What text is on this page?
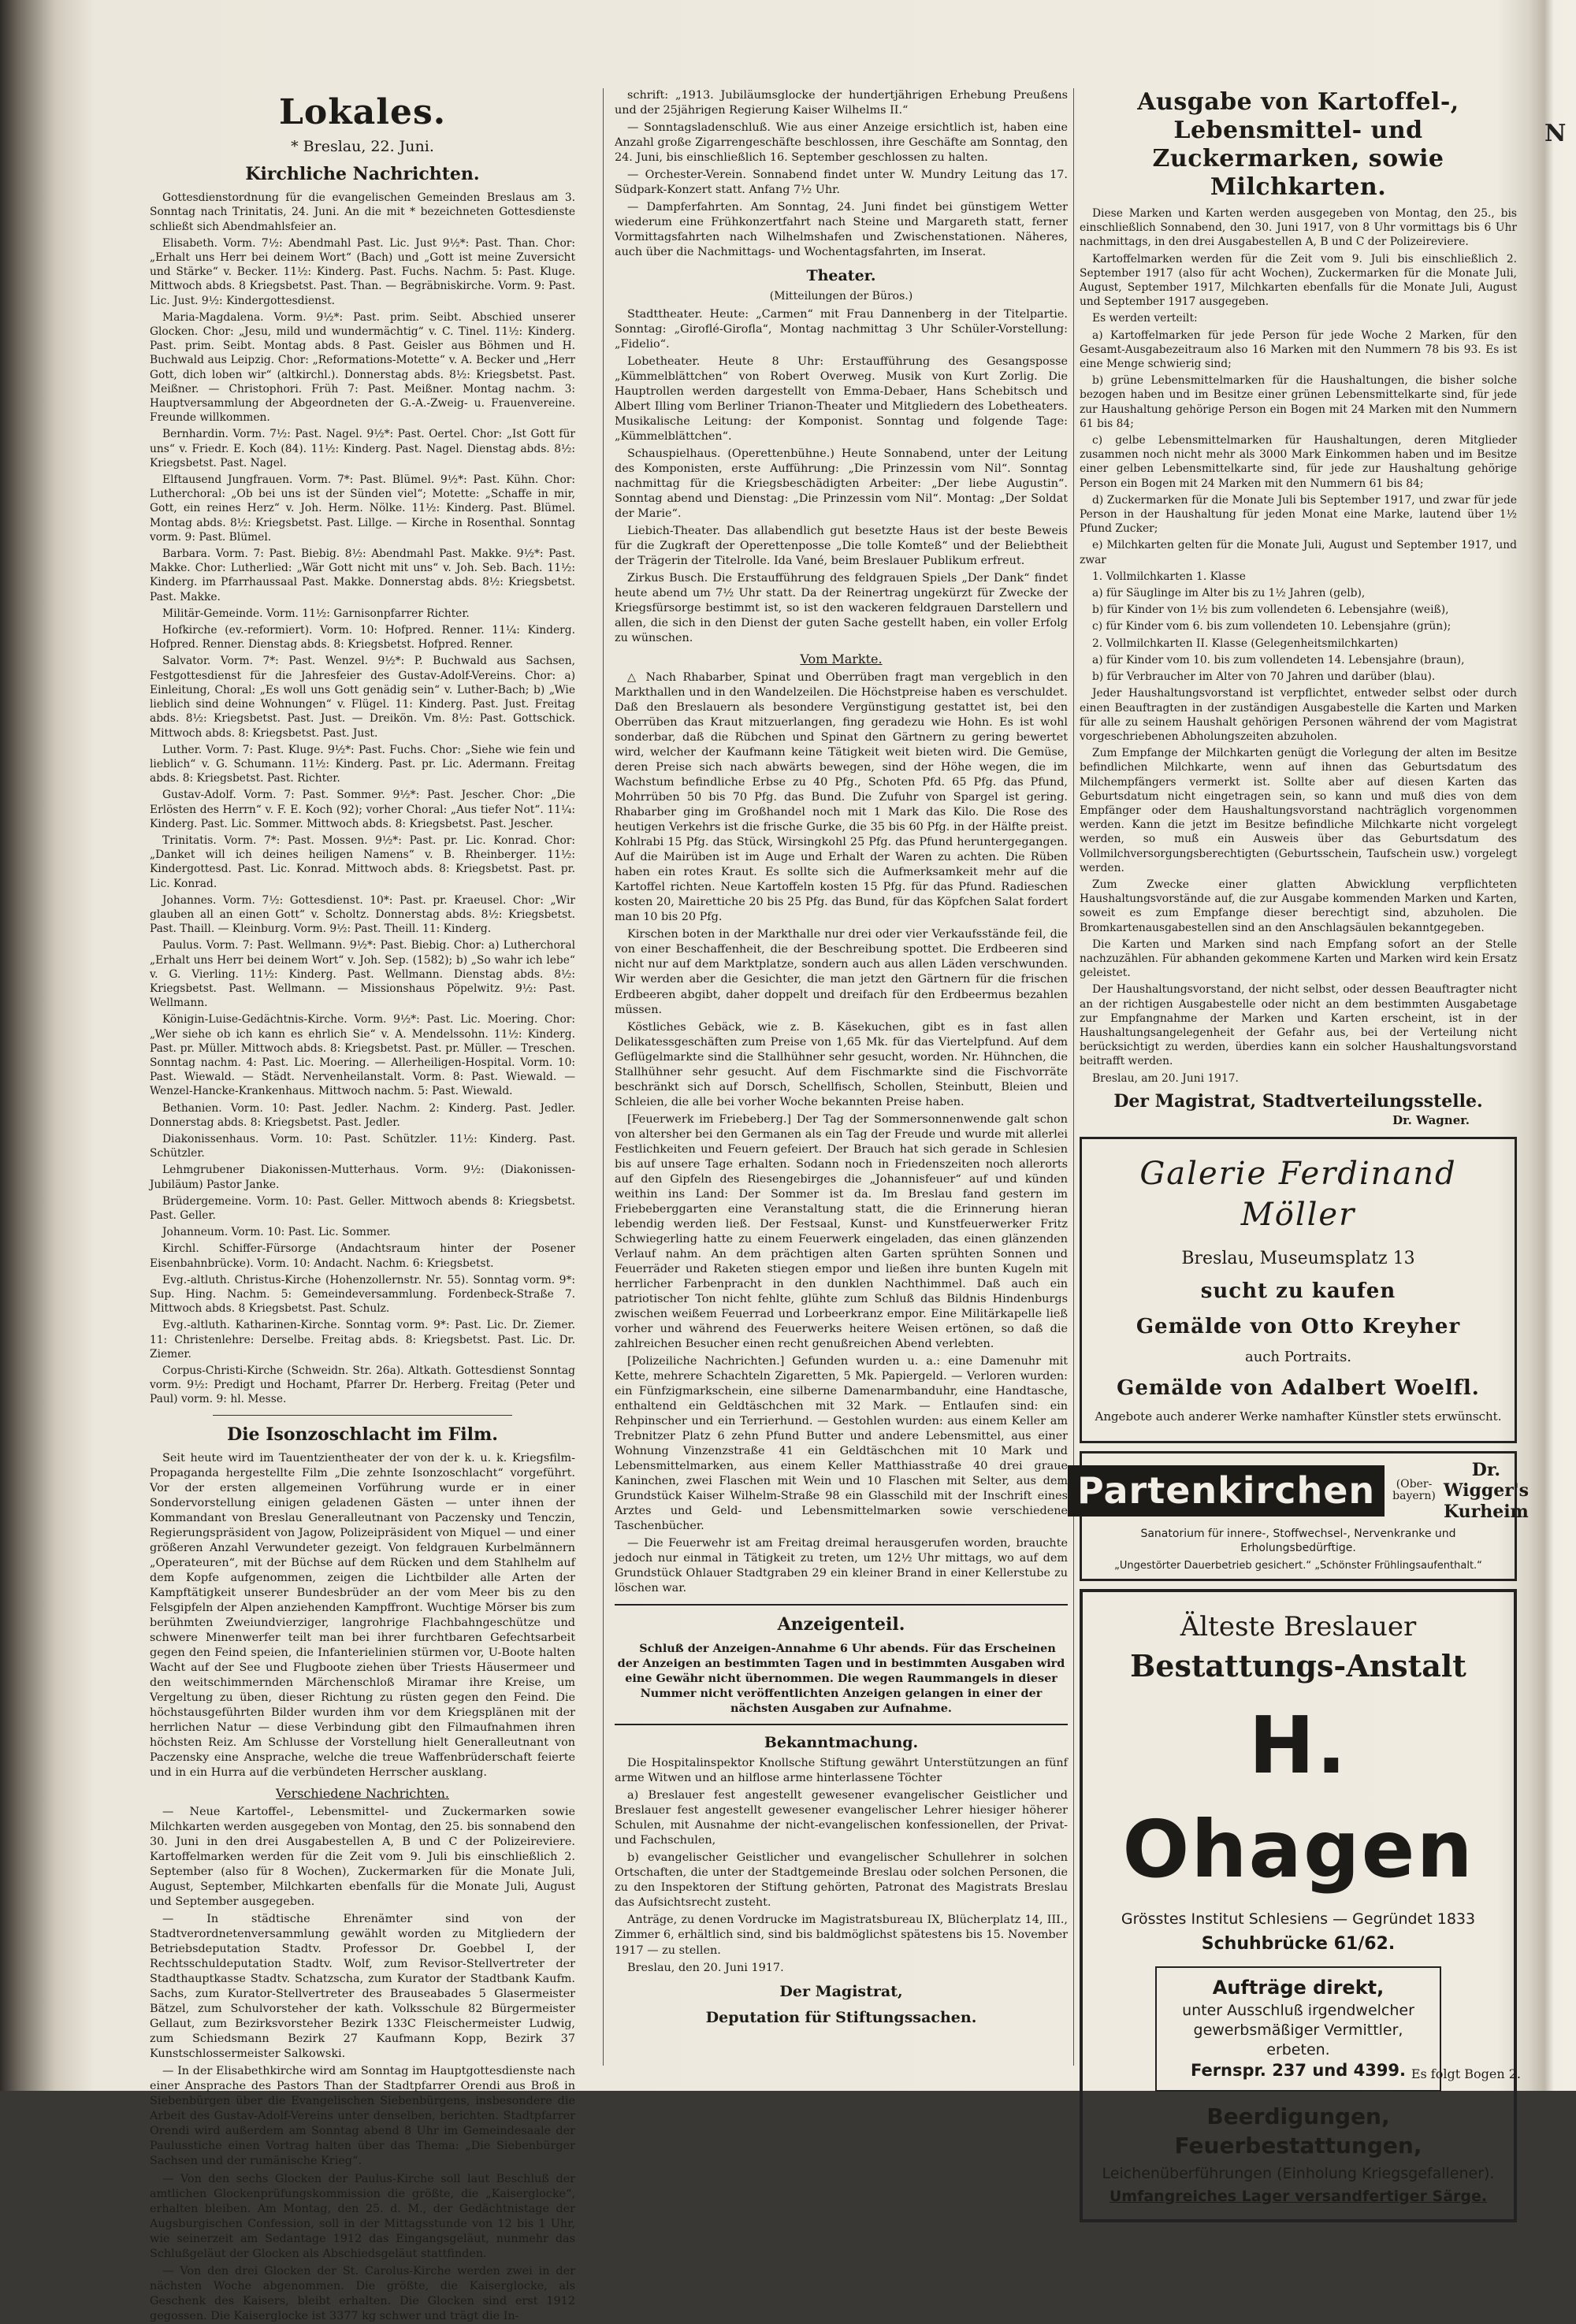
Lokales.
* Breslau, 22. Juni.
Kirchliche Nachrichten.

Gottesdienstordnung für die evangelischen Gemeinden Breslaus am 3. Sonntag nach Trinitatis, 24. Juni. An die mit * bezeichneten Gottesdienste schließt sich Abendmahlsfeier an.

Elisabeth. Vorm. 7½: Abendmahl Past. Lic. Just 9½*: Past. Than. Chor: „Erhalt uns Herr bei deinem Wort“ (Bach) und „Gott ist meine Zuversicht und Stärke“ v. Becker. 11½: Kinderg. Past. Fuchs. Nachm. 5: Past. Kluge. Mittwoch abds. 8 Kriegsbetst. Past. Than. — Begräbniskirche. Vorm. 9: Past. Lic. Just. 9½: Kindergottesdienst.

Maria-Magdalena. Vorm. 9½*: Past. prim. Seibt. Abschied unserer Glocken. Chor: „Jesu, mild und wundermächtig“ v. C. Tinel. 11½: Kinderg. Past. prim. Seibt. Montag abds. 8 Past. Geisler aus Böhmen und H. Buchwald aus Leipzig. Chor: „Reformations-Motette“ v. A. Becker und „Herr Gott, dich loben wir“ (altkirchl.). Donnerstag abds. 8½: Kriegsbetst. Past. Meißner. — Christophori. Früh 7: Past. Meißner. Montag nachm. 3: Hauptversammlung der Abgeordneten der G.-A.-Zweig- u. Frauenvereine. Freunde willkommen.

Bernhardin. Vorm. 7½: Past. Nagel. 9½*: Past. Oertel. Chor: „Ist Gott für uns“ v. Friedr. E. Koch (84). 11½: Kinderg. Past. Nagel. Dienstag abds. 8½: Kriegsbetst. Past. Nagel.

Elftausend Jungfrauen. Vorm. 7*: Past. Blümel. 9½*: Past. Kühn. Chor: Lutherchoral: „Ob bei uns ist der Sünden viel“; Motette: „Schaffe in mir, Gott, ein reines Herz“ v. Joh. Herm. Nölke. 11½: Kinderg. Past. Blümel. Montag abds. 8½: Kriegsbetst. Past. Lillge. — Kirche in Rosenthal. Sonntag vorm. 9: Past. Blümel.

Barbara. Vorm. 7: Past. Biebig. 8½: Abendmahl Past. Makke. 9½*: Past. Makke. Chor: Lutherlied: „Wär Gott nicht mit uns“ v. Joh. Seb. Bach. 11½: Kinderg. im Pfarrhaussaal Past. Makke. Donnerstag abds. 8½: Kriegsbetst. Past. Makke.

Militär-Gemeinde. Vorm. 11½: Garnisonpfarrer Richter.

Hofkirche (ev.-reformiert). Vorm. 10: Hofpred. Renner. 11¼: Kinderg. Hofpred. Renner. Dienstag abds. 8: Kriegsbetst. Hofpred. Renner.

Salvator. Vorm. 7*: Past. Wenzel. 9½*: P. Buchwald aus Sachsen, Festgottesdienst für die Jahresfeier des Gustav-Adolf-Vereins. Chor: a) Einleitung, Choral: „Es woll uns Gott genädig sein“ v. Luther-Bach; b) „Wie lieblich sind deine Wohnungen“ v. Flügel. 11: Kinderg. Past. Just. Freitag abds. 8½: Kriegsbetst. Past. Just. — Dreikön. Vm. 8½: Past. Gottschick. Mittwoch abds. 8: Kriegsbetst. Past. Just.

Luther. Vorm. 7: Past. Kluge. 9½*: Past. Fuchs. Chor: „Siehe wie fein und lieblich“ v. G. Schumann. 11½: Kinderg. Past. pr. Lic. Adermann. Freitag abds. 8: Kriegsbetst. Past. Richter.

Gustav-Adolf. Vorm. 7: Past. Sommer. 9½*: Past. Jescher. Chor: „Die Erlösten des Herrn“ v. F. E. Koch (92); vorher Choral: „Aus tiefer Not“. 11¼: Kinderg. Past. Lic. Sommer. Mittwoch abds. 8: Kriegsbetst. Past. Jescher.

Trinitatis. Vorm. 7*: Past. Mossen. 9½*: Past. pr. Lic. Konrad. Chor: „Danket will ich deines heiligen Namens“ v. B. Rheinberger. 11½: Kindergottesd. Past. Lic. Konrad. Mittwoch abds. 8: Kriegsbetst. Past. pr. Lic. Konrad.

Johannes. Vorm. 7½: Gottesdienst. 10*: Past. pr. Kraeusel. Chor: „Wir glauben all an einen Gott“ v. Scholtz. Donnerstag abds. 8½: Kriegsbetst. Past. Thaill. — Kleinburg. Vorm. 9½: Past. Theill. 11: Kinderg.

Paulus. Vorm. 7: Past. Wellmann. 9½*: Past. Biebig. Chor: a) Lutherchoral „Erhalt uns Herr bei deinem Wort“ v. Joh. Sep. (1582); b) „So wahr ich lebe“ v. G. Vierling. 11½: Kinderg. Past. Wellmann. Dienstag abds. 8½: Kriegsbetst. Past. Wellmann. — Missionshaus Pöpelwitz. 9½: Past. Wellmann.

Königin-Luise-Gedächtnis-Kirche. Vorm. 9½*: Past. Lic. Moering. Chor: „Wer siehe ob ich kann es ehrlich Sie“ v. A. Mendelssohn. 11½: Kinderg. Past. pr. Müller. Mittwoch abds. 8: Kriegsbetst. Past. pr. Müller. — Treschen. Sonntag nachm. 4: Past. Lic. Moering. — Allerheiligen-Hospital. Vorm. 10: Past. Wiewald. — Städt. Nervenheilanstalt. Vorm. 8: Past. Wiewald. — Wenzel-Hancke-Krankenhaus. Mittwoch nachm. 5: Past. Wiewald.

Bethanien. Vorm. 10: Past. Jedler. Nachm. 2: Kinderg. Past. Jedler. Donnerstag abds. 8: Kriegsbetst. Past. Jedler.

Diakonissenhaus. Vorm. 10: Past. Schützler. 11½: Kinderg. Past. Schützler.

Lehmgrubener Diakonissen-Mutterhaus. Vorm. 9½: (Diakonissen-Jubiläum) Pastor Janke.

Brüdergemeine. Vorm. 10: Past. Geller. Mittwoch abends 8: Kriegsbetst. Past. Geller.

Johanneum. Vorm. 10: Past. Lic. Sommer.

Kirchl. Schiffer-Fürsorge (Andachtsraum hinter der Posener Eisenbahnbrücke). Vorm. 10: Andacht. Nachm. 6: Kriegsbetst.

Evg.-altluth. Christus-Kirche (Hohenzollernstr. Nr. 55). Sonntag vorm. 9*: Sup. Hing. Nachm. 5: Gemeindeversammlung. Fordenbeck-Straße 7. Mittwoch abds. 8 Kriegsbetst. Past. Schulz.

Evg.-altluth. Katharinen-Kirche. Sonntag vorm. 9*: Past. Lic. Dr. Ziemer. 11: Christenlehre: Derselbe. Freitag abds. 8: Kriegsbetst. Past. Lic. Dr. Ziemer.

Corpus-Christi-Kirche (Schweidn. Str. 26a). Altkath. Gottesdienst Sonntag vorm. 9½: Predigt und Hochamt, Pfarrer Dr. Herberg. Freitag (Peter und Paul) vorm. 9: hl. Messe.

Die Isonzoschlacht im Film.

Seit heute wird im Tauentzientheater der von der k. u. k. Kriegsfilm-Propaganda hergestellte Film „Die zehnte Isonzoschlacht“ vorgeführt. Vor der ersten allgemeinen Vorführung wurde er in einer Sondervorstellung einigen geladenen Gästen — unter ihnen der Kommandant von Breslau Generalleutnant von Paczensky und Tenczin, Regierungspräsident von Jagow, Polizeipräsident von Miquel — und einer größeren Anzahl Verwundeter gezeigt. Von feldgrauen Kurbelmännern „Operateuren“, mit der Büchse auf dem Rücken und dem Stahlhelm auf dem Kopfe aufgenommen, zeigen die Lichtbilder alle Arten der Kampftätigkeit unserer Bundesbrüder an der vom Meer bis zu den Felsgipfeln der Alpen anziehenden Kampffront. Wuchtige Mörser bis zum berühmten Zweiundvierziger, langrohrige Flachbahngeschütze und schwere Minenwerfer teilt man bei ihrer furchtbaren Gefechtsarbeit gegen den Feind speien, die Infanterielinien stürmen vor, U-Boote halten Wacht auf der See und Flugboote ziehen über Triests Häusermeer und den weitschimmernden Märchenschloß Miramar ihre Kreise, um Vergeltung zu üben, dieser Richtung zu rüsten gegen den Feind. Die höchstausgeführten Bilder wurden ihm vor dem Kriegsplänen mit der herrlichen Natur — diese Verbindung gibt den Filmaufnahmen ihren höchsten Reiz. Am Schlusse der Vorstellung hielt Generalleutnant von Paczensky eine Ansprache, welche die treue Waffenbrüderschaft feierte und in ein Hurra auf die verbündeten Herrscher ausklang.

Verschiedene Nachrichten.

— Neue Kartoffel-, Lebensmittel- und Zuckermarken sowie Milchkarten werden ausgegeben von Montag, den 25. bis sonnabend den 30. Juni in den drei Ausgabestellen A, B und C der Polizeireviere. Kartoffelmarken werden für die Zeit vom 9. Juli bis einschließlich 2. September (also für 8 Wochen), Zuckermarken für die Monate Juli, August, September, Milchkarten ebenfalls für die Monate Juli, August und September ausgegeben.

— In städtische Ehrenämter sind von der Stadtverordnetenversammlung gewählt worden zu Mitgliedern der Betriebsdeputation Stadtv. Professor Dr. Goebbel I, der Rechtsschuldeputation Stadtv. Wolf, zum Revisor-Stellvertreter der Stadthauptkasse Stadtv. Schatzscha, zum Kurator der Stadtbank Kaufm. Sachs, zum Kurator-Stellvertreter des Brauseabades 5 Glasermeister Bätzel, zum Schulvorsteher der kath. Volksschule 82 Bürgermeister Gellaut, zum Bezirksvorsteher Bezirk 133C Fleischermeister Ludwig, zum Schiedsmann Bezirk 27 Kaufmann Kopp, Bezirk 37 Kunstschlossermeister Salkowski.

— In der Elisabethkirche wird am Sonntag im Hauptgottesdienste nach einer Ansprache des Pastors Than der Stadtpfarrer Orendi aus Broß in Siebenbürgen über die Evangelischen Siebenbürgens, insbesondere die Arbeit des Gustav-Adolf-Vereins unter denselben, berichten. Stadtpfarrer Orendi wird außerdem am Sonntag abend 8 Uhr im Gemeindesaale der Paulusstiche einen Vortrag halten über das Thema: „Die Siebenbürger Sachsen und der rumänische Krieg“.

— Von den sechs Glocken der Paulus-Kirche soll laut Beschluß der amtlichen Glockenprüfungskommission die größte, die „Kaiserglocke“, erhalten bleiben. Am Montag, den 25. d. M., der Gedächtnistage der Augsburgischen Confession, soll in der Mittagsstunde von 12 bis 1 Uhr, wie seinerzeit am Sedantage 1912 das Eingangsgeläut, nunmehr das Schlußgeläut der Glocken als Abschiedsgeläut stattfinden.

— Von den drei Glocken der St. Carolus-Kirche werden zwei in der nächsten Woche abgenommen. Die größte, die Kaiserglocke, als Geschenk des Kaisers, bleibt erhalten. Die Glocken sind erst 1912 gegossen. Die Kaiserglocke ist 3377 kg schwer und trägt die In-

schrift: „1913. Jubiläumsglocke der hundertjährigen Erhebung Preußens und der 25jährigen Regierung Kaiser Wilhelms II.“

— Sonntagsladenschluß. Wie aus einer Anzeige ersichtlich ist, haben eine Anzahl große Zigarrengeschäfte beschlossen, ihre Geschäfte am Sonntag, den 24. Juni, bis einschließlich 16. September geschlossen zu halten.

— Orchester-Verein. Sonnabend findet unter W. Mundry Leitung das 17. Südpark-Konzert statt. Anfang 7½ Uhr.

— Dampferfahrten. Am Sonntag, 24. Juni findet bei günstigem Wetter wiederum eine Frühkonzertfahrt nach Steine und Margareth statt, ferner Vormittagsfahrten nach Wilhelmshafen und Zwischenstationen. Näheres, auch über die Nachmittags- und Wochentagsfahrten, im Inserat.

Theater.
(Mitteilungen der Büros.)

Stadttheater. Heute: „Carmen“ mit Frau Dannenberg in der Titelpartie. Sonntag: „Giroflé-Girofla“, Montag nachmittag 3 Uhr Schüler-Vorstellung: „Fidelio“.

Lobetheater. Heute 8 Uhr: Erstaufführung des Gesangsposse „Kümmelblättchen“ von Robert Overweg. Musik von Kurt Zorlig. Die Hauptrollen werden dargestellt von Emma-Debaer, Hans Schebitsch und Albert Illing vom Berliner Trianon-Theater und Mitgliedern des Lobetheaters. Musikalische Leitung: der Komponist. Sonntag und folgende Tage: „Kümmelblättchen“.

Schauspielhaus. (Operettenbühne.) Heute Sonnabend, unter der Leitung des Komponisten, erste Aufführung: „Die Prinzessin vom Nil“. Sonntag nachmittag für die Kriegsbeschädigten Arbeiter: „Der liebe Augustin“. Sonntag abend und Dienstag: „Die Prinzessin vom Nil“. Montag: „Der Soldat der Marie“.

Liebich-Theater. Das allabendlich gut besetzte Haus ist der beste Beweis für die Zugkraft der Operettenposse „Die tolle Komteß“ und der Beliebtheit der Trägerin der Titelrolle. Ida Vané, beim Breslauer Publikum erfreut.

Zirkus Busch. Die Erstaufführung des feldgrauen Spiels „Der Dank“ findet heute abend um 7½ Uhr statt. Da der Reinertrag ungekürzt für Zwecke der Kriegsfürsorge bestimmt ist, so ist den wackeren feldgrauen Darstellern und allen, die sich in den Dienst der guten Sache gestellt haben, ein voller Erfolg zu wünschen.

Vom Markte.

△ Nach Rhabarber, Spinat und Oberrüben fragt man vergeblich in den Markthallen und in den Wandelzeilen. Die Höchstpreise haben es verschuldet. Daß den Breslauern als besondere Vergünstigung gestattet ist, bei den Oberrüben das Kraut mitzuerlangen, fing geradezu wie Hohn. Es ist wohl sonderbar, daß die Rübchen und Spinat den Gärtnern zu gering bewertet wird, welcher der Kaufmann keine Tätigkeit weit bieten wird. Die Gemüse, deren Preise sich nach abwärts bewegen, sind der Höhe wegen, die im Wachstum befindliche Erbse zu 40 Pfg., Schoten Pfd. 65 Pfg. das Pfund, Mohrrüben 50 bis 70 Pfg. das Bund. Die Zufuhr von Spargel ist gering. Rhabarber ging im Großhandel noch mit 1 Mark das Kilo. Die Rose des heutigen Verkehrs ist die frische Gurke, die 35 bis 60 Pfg. in der Hälfte preist. Kohlrabi 15 Pfg. das Stück, Wirsingkohl 25 Pfg. das Pfund heruntergegangen. Auf die Mairüben ist im Auge und Erhalt der Waren zu achten. Die Rüben haben ein rotes Kraut. Es sollte sich die Aufmerksamkeit mehr auf die Kartoffel richten. Neue Kartoffeln kosten 15 Pfg. für das Pfund. Radieschen kosten 20, Mairettiche 20 bis 25 Pfg. das Bund, für das Köpfchen Salat fordert man 10 bis 20 Pfg.

Kirschen boten in der Markthalle nur drei oder vier Verkaufsstände feil, die von einer Beschaffenheit, die der Beschreibung spottet. Die Erdbeeren sind nicht nur auf dem Marktplatze, sondern auch aus allen Läden verschwunden. Wir werden aber die Gesichter, die man jetzt den Gärtnern für die frischen Erdbeeren abgibt, daher doppelt und dreifach für den Erdbeermus bezahlen müssen.

Köstliches Gebäck, wie z. B. Käsekuchen, gibt es in fast allen Delikatessgeschäften zum Preise von 1,65 Mk. für das Viertelpfund. Auf dem Geflügelmarkte sind die Stallhühner sehr gesucht, worden. Nr. Hühnchen, die Stallhühner sehr gesucht. Auf dem Fischmarkte sind die Fischvorräte beschränkt sich auf Dorsch, Schellfisch, Schollen, Steinbutt, Bleien und Schleien, die alle bei vorher Woche bekannten Preise haben.

[Feuerwerk im Friebeberg.] Der Tag der Sommersonnenwende galt schon von altersher bei den Germanen als ein Tag der Freude und wurde mit allerlei Festlichkeiten und Feuern gefeiert. Der Brauch hat sich gerade in Schlesien bis auf unsere Tage erhalten. Sodann noch in Friedenszeiten noch allerorts auf den Gipfeln des Riesengebirges die „Johannisfeuer“ auf und künden weithin ins Land: Der Sommer ist da. Im Breslau fand gestern im Friebeberggarten eine Veranstaltung statt, die die Erinnerung hieran lebendig werden ließ. Der Festsaal, Kunst- und Kunstfeuerwerker Fritz Schwiegerling hatte zu einem Feuerwerk eingeladen, das einen glänzenden Verlauf nahm. An dem prächtigen alten Garten sprühten Sonnen und Feuerräder und Raketen stiegen empor und ließen ihre bunten Kugeln mit herrlicher Farbenpracht in den dunklen Nachthimmel. Daß auch ein patriotischer Ton nicht fehlte, glühte zum Schluß das Bildnis Hindenburgs zwischen weißem Feuerrad und Lorbeerkranz empor. Eine Militärkapelle ließ vorher und während des Feuerwerks heitere Weisen ertönen, so daß die zahlreichen Besucher einen recht genußreichen Abend verlebten.

[Polizeiliche Nachrichten.] Gefunden wurden u. a.: eine Damenuhr mit Kette, mehrere Schachteln Zigaretten, 5 Mk. Papiergeld. — Verloren wurden: ein Fünfzigmarkschein, eine silberne Damenarmbanduhr, eine Handtasche, enthaltend ein Geldtäschchen mit 32 Mark. — Entlaufen sind: ein Rehpinscher und ein Terrierhund. — Gestohlen wurden: aus einem Keller am Trebnitzer Platz 6 zehn Pfund Butter und andere Lebensmittel, aus einer Wohnung Vinzenzstraße 41 ein Geldtäschchen mit 10 Mark und Lebensmittelmarken, aus einem Keller Matthiasstraße 40 drei graue Kaninchen, zwei Flaschen mit Wein und 10 Flaschen mit Selter, aus dem Grundstück Kaiser Wilhelm-Straße 98 ein Glasschild mit der Inschrift eines Arztes und Geld- und Lebensmittelmarken sowie verschiedene Taschenbücher.

— Die Feuerwehr ist am Freitag dreimal herausgerufen worden, brauchte jedoch nur einmal in Tätigkeit zu treten, um 12½ Uhr mittags, wo auf dem Grundstück Ohlauer Stadtgraben 29 ein kleiner Brand in einer Kellerstube zu löschen war.

Anzeigenteil.

Schluß der Anzeigen-Annahme 6 Uhr abends. Für das Erscheinen der Anzeigen an bestimmten Tagen und in bestimmten Ausgaben wird eine Gewähr nicht übernommen. Die wegen Raummangels in dieser Nummer nicht veröffentlichten Anzeigen gelangen in einer der nächsten Ausgaben zur Aufnahme.

Bekanntmachung.

Die Hospitalinspektor Knollsche Stiftung gewährt Unterstützungen an fünf arme Witwen und an hilflose arme hinterlassene Töchter

a) Breslauer fest angestellt gewesener evangelischer Geistlicher und Breslauer fest angestellt gewesener evangelischer Lehrer hiesiger höherer Schulen, mit Ausnahme der nicht-evangelischen konfessionellen, der Privat- und Fachschulen,

b) evangelischer Geistlicher und evangelischer Schullehrer in solchen Ortschaften, die unter der Stadtgemeinde Breslau oder solchen Personen, die zu den Inspektoren der Stiftung gehörten, Patronat des Magistrats Breslau das Aufsichtsrecht zusteht.

Anträge, zu denen Vordrucke im Magistratsbureau IX, Blücherplatz 14, III., Zimmer 6, erhältlich sind, sind bis baldmöglichst spätestens bis 15. November 1917 — zu stellen.

Breslau, den 20. Juni 1917.

Der Magistrat,
Deputation für Stiftungssachen.
Ausgabe von Kartoffel-, Lebensmittel- und Zuckermarken, sowie Milchkarten.

Diese Marken und Karten werden ausgegeben von Montag, den 25., bis einschließlich Sonnabend, den 30. Juni 1917, von 8 Uhr vormittags bis 6 Uhr nachmittags, in den drei Ausgabestellen A, B und C der Polizeireviere.

Kartoffelmarken werden für die Zeit vom 9. Juli bis einschließlich 2. September 1917 (also für acht Wochen), Zuckermarken für die Monate Juli, August, September 1917, Milchkarten ebenfalls für die Monate Juli, August und September 1917 ausgegeben.

Es werden verteilt:

a) Kartoffelmarken für jede Person für jede Woche 2 Marken, für den Gesamt-Ausgabezeitraum also 16 Marken mit den Nummern 78 bis 93. Es ist eine Menge schwierig sind;

b) grüne Lebensmittelmarken für die Haushaltungen, die bisher solche bezogen haben und im Besitze einer grünen Lebensmittelkarte sind, für jede zur Haushaltung gehörige Person ein Bogen mit 24 Marken mit den Nummern 61 bis 84;

c) gelbe Lebensmittelmarken für Haushaltungen, deren Mitglieder zusammen noch nicht mehr als 3000 Mark Einkommen haben und im Besitze einer gelben Lebensmittelkarte sind, für jede zur Haushaltung gehörige Person ein Bogen mit 24 Marken mit den Nummern 61 bis 84;

d) Zuckermarken für die Monate Juli bis September 1917, und zwar für jede Person in der Haushaltung für jeden Monat eine Marke, lautend über 1½ Pfund Zucker;

e) Milchkarten gelten für die Monate Juli, August und September 1917, und zwar

1. Vollmilchkarten 1. Klasse

a) für Säuglinge im Alter bis zu 1½ Jahren (gelb),

b) für Kinder von 1½ bis zum vollendeten 6. Lebensjahre (weiß),

c) für Kinder vom 6. bis zum vollendeten 10. Lebensjahre (grün);

2. Vollmilchkarten II. Klasse (Gelegenheitsmilchkarten)

a) für Kinder vom 10. bis zum vollendeten 14. Lebensjahre (braun),

b) für Verbraucher im Alter von 70 Jahren und darüber (blau).

Jeder Haushaltungsvorstand ist verpflichtet, entweder selbst oder durch einen Beauftragten in der zuständigen Ausgabestelle die Karten und Marken für alle zu seinem Haushalt gehörigen Personen während der vom Magistrat vorgeschriebenen Abholungszeiten abzuholen.

Zum Empfange der Milchkarten genügt die Vorlegung der alten im Besitze befindlichen Milchkarte, wenn auf ihnen das Geburtsdatum des Milchempfängers vermerkt ist. Sollte aber auf diesen Karten das Geburtsdatum nicht eingetragen sein, so kann und muß dies von dem Empfänger oder dem Haushaltungsvorstand nachträglich vorgenommen werden. Kann die jetzt im Besitze befindliche Milchkarte nicht vorgelegt werden, so muß ein Ausweis über das Geburtsdatum des Vollmilchversorgungsberechtigten (Geburtsschein, Taufschein usw.) vorgelegt werden.

Zum Zwecke einer glatten Abwicklung verpflichteten Haushaltungsvorstände auf, die zur Ausgabe kommenden Marken und Karten, soweit es zum Empfange dieser berechtigt sind, abzuholen. Die Bromkartenausgabestellen sind an den Anschlagsäulen bekanntgegeben.

Die Karten und Marken sind nach Empfang sofort an der Stelle nachzuzählen. Für abhanden gekommene Karten und Marken wird kein Ersatz geleistet.

Der Haushaltungsvorstand, der nicht selbst, oder dessen Beauftragter nicht an der richtigen Ausgabestelle oder nicht an dem bestimmten Ausgabetage zur Empfangnahme der Marken und Karten erscheint, ist in der Haushaltungsangelegenheit der Gefahr aus, bei der Verteilung nicht berücksichtigt zu werden, überdies kann ein solcher Haushaltungsvorstand beitrafft werden.

Breslau, am 20. Juni 1917.

Der Magistrat, Stadtverteilungsstelle.
Dr. Wagner.
Galerie Ferdinand Möller
Breslau, Museumsplatz 13
sucht zu kaufen
Gemälde von Otto Kreyher
auch Portraits.
Gemälde von Adalbert Woelfl.
Angebote auch anderer Werke namhafter Künstler stets erwünscht.
Partenkirchen	(Ober-
bayern)
Dr. Wigger's
Kurheim
Sanatorium für innere-, Stoffwechsel-, Nervenkranke und Erholungsbedürftige.
„Ungestörter Dauerbetrieb gesichert.“ „Schönster Frühlingsaufenthalt.“
Älteste Breslauer
Bestattungs-Anstalt
H. Ohagen
Grösstes Institut Schlesiens — Gegründet 1833
Schuhbrücke 61/62.
Aufträge direkt,
unter Ausschluß irgendwelcher gewerbsmäßiger Vermittler, erbeten.
Fernspr. 237 und 4399.
Beerdigungen, Feuerbestattungen,
Leichenüberführungen (Einholung Kriegsgefallener).
Umfangreiches Lager versandfertiger Särge.
Es folgt Bogen 2.
N
